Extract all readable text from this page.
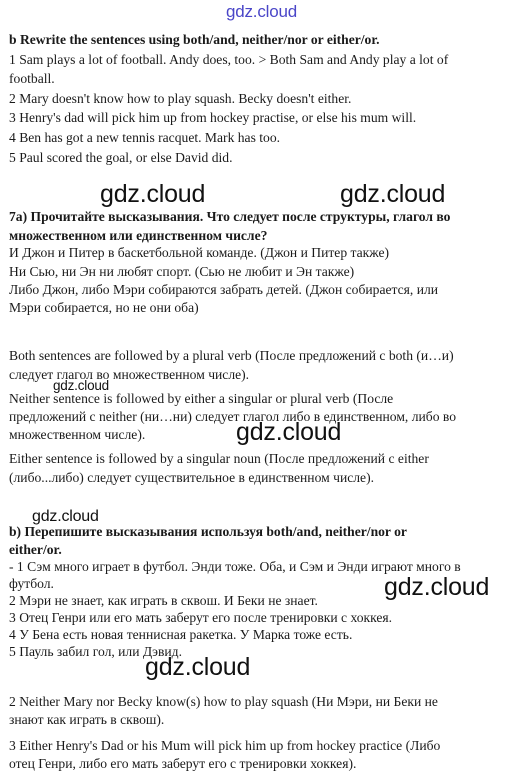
gdz.cloud
gdz.cloud	gdz.cloud
gdz.cloud
gdz.cloud
gdz.cloud
gdz.cloud
gdz.cloud
b Rewrite the sentences using both/and, neither/nor or either/or.
1 Sam plays a lot of football. Andy does, too. > Both Sam and Andy play a lot of
football.
2 Mary doesn't know how to play squash. Becky doesn't either.
3 Henry's dad will pick him up from hockey practise, or else his mum will.
4 Ben has got a new tennis racquet. Mark has too.
5 Paul scored the goal, or else David did.
7а) Прочитайте высказывания. Что следует после структуры, глагол во
множественном или единственном числе?
И Джон и Питер в баскетбольной команде. (Джон и Питер также)
Ни Сью, ни Эн ни любят спорт. (Сью не любит и Эн также)
Либо Джон, либо Мэри собираются забрать детей. (Джон собирается, или
Мэри собирается, но не они оба)
Both sentences are followed by a plural verb (После предложений с both (и…и)
следует глагол во множественном числе).
Neither sentence is followed by either a singular or plural verb (После
предложений с neither (ни…ни) следует глагол либо в единственном, либо во
множественном числе).
Either sentence is followed by a singular noun (После предложений с either
(либо...либо) следует существительное в единственном числе).
b) Перепишите высказывания используя both/and, neither/nor or
either/or.
- 1 Сэм много играет в футбол. Энди тоже. Оба, и Сэм и Энди играют много в
футбол.
2 Мэри не знает, как играть в сквош. И Беки не знает.
3 Отец Генри или его мать заберут его после тренировки с хоккея.
4 У Бена есть новая теннисная ракетка. У Марка тоже есть.
5 Пауль забил гол, или Дэвид.
2 Neither Mary nor Becky know(s) how to play squash (Ни Мэри, ни Беки не
знают как играть в сквош).
3 Either Henry's Dad or his Mum will pick him up from hockey practice (Либо
отец Генри, либо его мать заберут его с тренировки хоккея).
